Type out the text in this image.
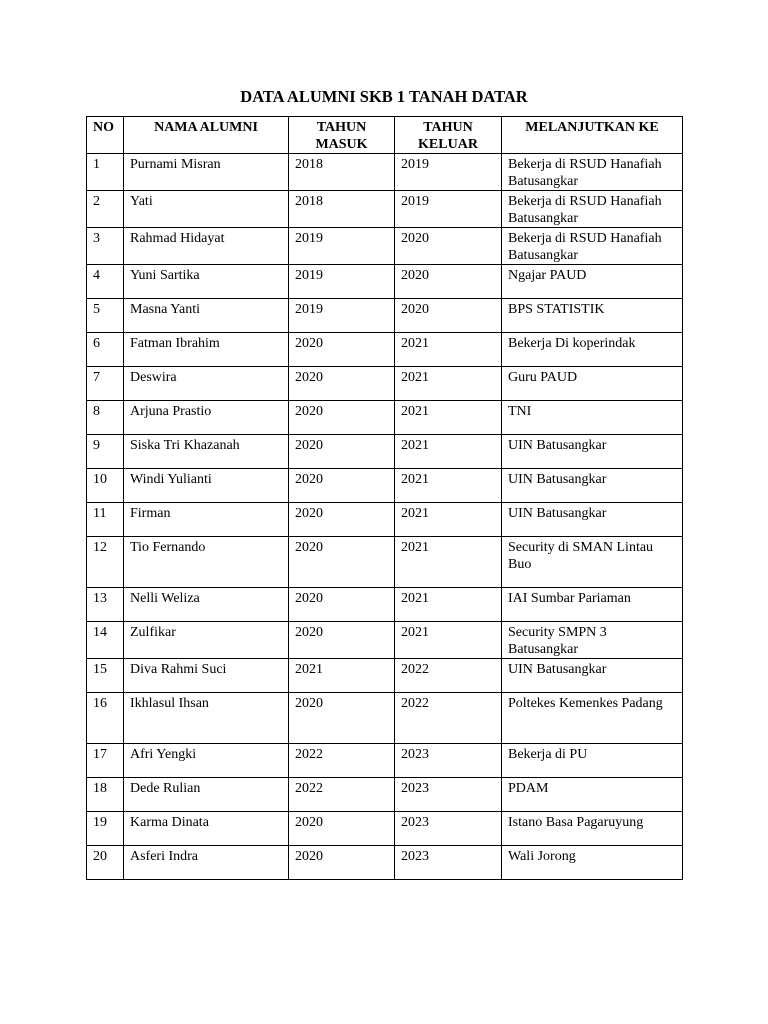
DATA ALUMNI SKB 1 TANAH DATAR
NO	NAMA ALUMNI	TAHUN MASUK	TAHUN KELUAR	MELANJUTKAN KE
1	Purnami Misran	2018	2019	Bekerja di RSUD Hanafiah Batusangkar
2	Yati	2018	2019	Bekerja di RSUD Hanafiah Batusangkar
3	Rahmad Hidayat	2019	2020	Bekerja di RSUD Hanafiah Batusangkar
4	Yuni Sartika	2019	2020	Ngajar PAUD
5	Masna Yanti	2019	2020	BPS STATISTIK
6	Fatman Ibrahim	2020	2021	Bekerja Di koperindak
7	Deswira	2020	2021	Guru PAUD
8	Arjuna Prastio	2020	2021	TNI
9	Siska Tri Khazanah	2020	2021	UIN Batusangkar
10	Windi Yulianti	2020	2021	UIN Batusangkar
11	Firman	2020	2021	UIN Batusangkar
12	Tio Fernando	2020	2021	Security di SMAN Lintau Buo
13	Nelli Weliza	2020	2021	IAI Sumbar Pariaman
14	Zulfikar	2020	2021	Security SMPN 3 Batusangkar
15	Diva Rahmi Suci	2021	2022	UIN Batusangkar
16	Ikhlasul Ihsan	2020	2022	Poltekes Kemenkes Padang
17	Afri Yengki	2022	2023	Bekerja di PU
18	Dede Rulian	2022	2023	PDAM
19	Karma Dinata	2020	2023	Istano Basa Pagaruyung
20	Asferi Indra	2020	2023	Wali Jorong
